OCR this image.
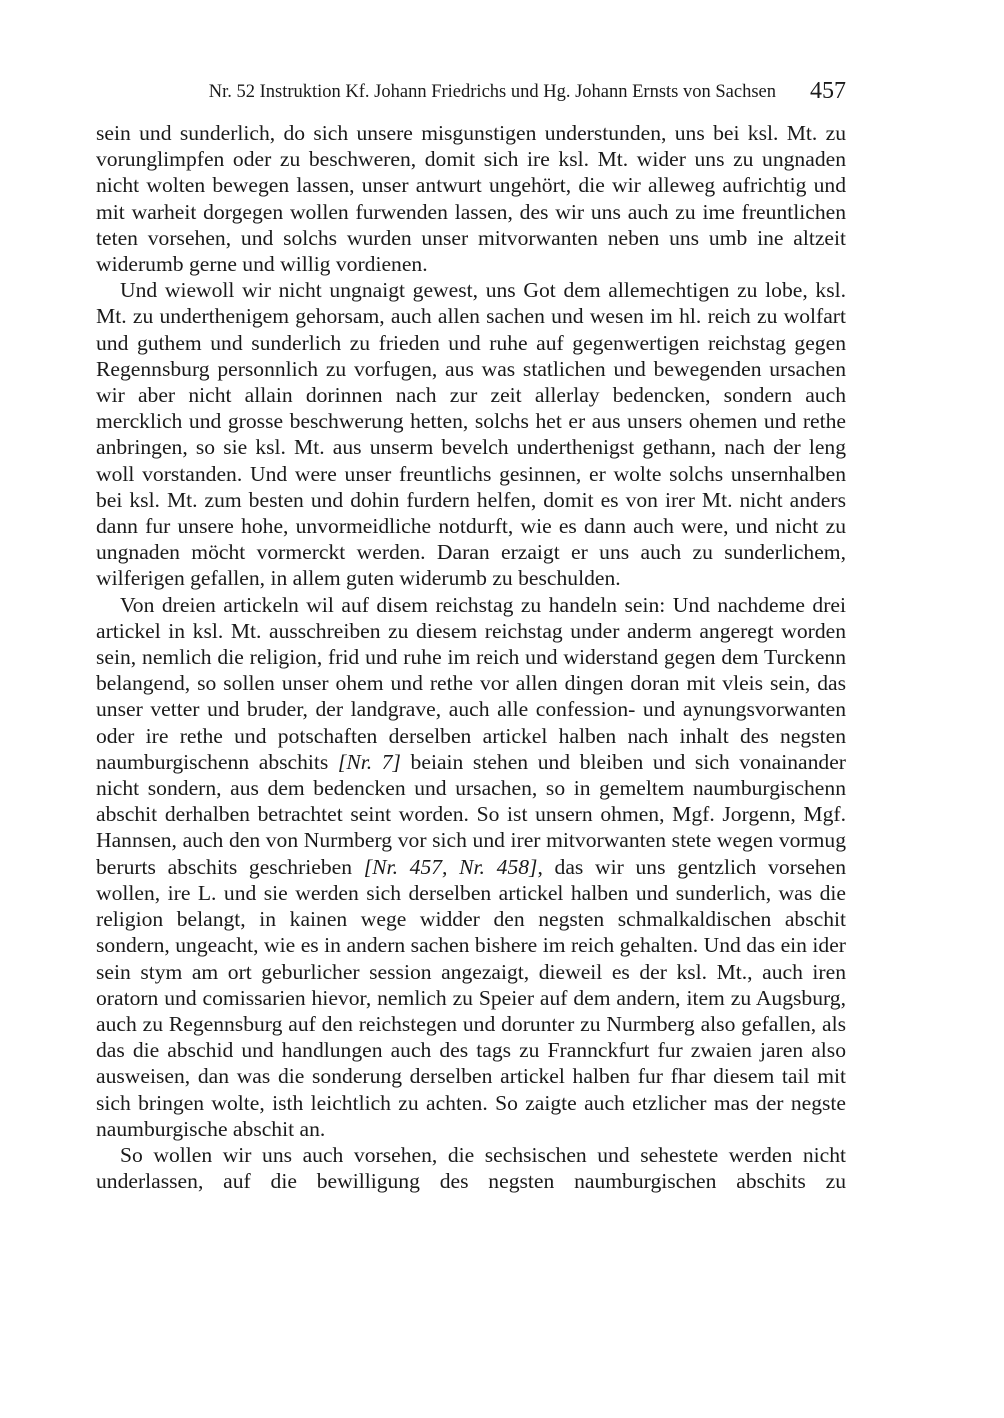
Nr. 52 Instruktion Kf. Johann Friedrichs und Hg. Johann Ernsts von Sachsen 457

sein und sunderlich, do sich unsere misgunstigen understunden, uns bei ksl. Mt. zu vorunglimpfen oder zu beschweren, domit sich ire ksl. Mt. wider uns zu ungnaden nicht wolten bewegen lassen, unser antwurt ungehört, die wir alleweg aufrichtig und mit warheit dorgegen wollen furwenden lassen, des wir uns auch zu ime freuntlichen teten vorsehen, und solchs wurden unser mitvorwanten neben uns umb ine altzeit widerumb gerne und willig vordienen.

Und wiewoll wir nicht ungnaigt gewest, uns Got dem allemechtigen zu lobe, ksl. Mt. zu underthenigem gehorsam, auch allen sachen und wesen im hl. reich zu wolfart und guthem und sunderlich zu frieden und ruhe auf gegenwertigen reichstag gegen Regennsburg personnlich zu vorfugen, aus was statlichen und bewegenden ursachen wir aber nicht allain dorinnen nach zur zeit allerlay bedencken, sondern auch mercklich und grosse beschwerung hetten, solchs het er aus unsers ohemen und rethe anbringen, so sie ksl. Mt. aus unserm bevelch underthenigst gethann, nach der leng woll vorstanden. Und were unser freuntlichs gesinnen, er wolte solchs unsernhalben bei ksl. Mt. zum besten und dohin furdern helfen, domit es von irer Mt. nicht anders dann fur unsere hohe, unvormeidliche notdurft, wie es dann auch were, und nicht zu ungnaden möcht vormerckt werden. Daran erzaigt er uns auch zu sunderlichem, wilferigen gefallen, in allem guten widerumb zu beschulden.

Von dreien artickeln wil auf disem reichstag zu handeln sein: Und nachdeme drei artickel in ksl. Mt. ausschreiben zu diesem reichstag under anderm angeregt worden sein, nemlich die religion, frid und ruhe im reich und widerstand gegen dem Turckenn belangend, so sollen unser ohem und rethe vor allen dingen doran mit vleis sein, das unser vetter und bruder, der landgrave, auch alle confession- und aynungsvorwanten oder ire rethe und potschaften derselben artickel halben nach inhalt des negsten naumburgischenn abschits [Nr. 7] beiain stehen und bleiben und sich vonainander nicht sondern, aus dem bedencken und ursachen, so in gemeltem naumburgischenn abschit derhalben betrachtet seint worden. So ist unsern ohmen, Mgf. Jorgenn, Mgf. Hannsen, auch den von Nurmberg vor sich und irer mitvorwanten stete wegen vormug berurts abschits geschrieben [Nr. 457, Nr. 458], das wir uns gentzlich vorsehen wollen, ire L. und sie werden sich derselben artickel halben und sunderlich, was die religion belangt, in kainen wege widder den negsten schmalkaldischen abschit sondern, ungeacht, wie es in andern sachen bishere im reich gehalten. Und das ein ider sein stym am ort geburlicher session angezaigt, dieweil es der ksl. Mt., auch iren oratorn und comissarien hievor, nemlich zu Speier auf dem andern, item zu Augsburg, auch zu Regennsburg auf den reichstegen und dorunter zu Nurmberg also gefallen, als das die abschid und handlungen auch des tags zu Frannckfurt fur zwaien jaren also ausweisen, dan was die sonderung derselben artickel halben fur fhar diesem tail mit sich bringen wolte, isth leichtlich zu achten. So zaigte auch etzlicher mas der negste naumburgische abschit an.

So wollen wir uns auch vorsehen, die sechsischen und sehestete werden nicht underlassen, auf die bewilligung des negsten naumburgischen abschits zu
